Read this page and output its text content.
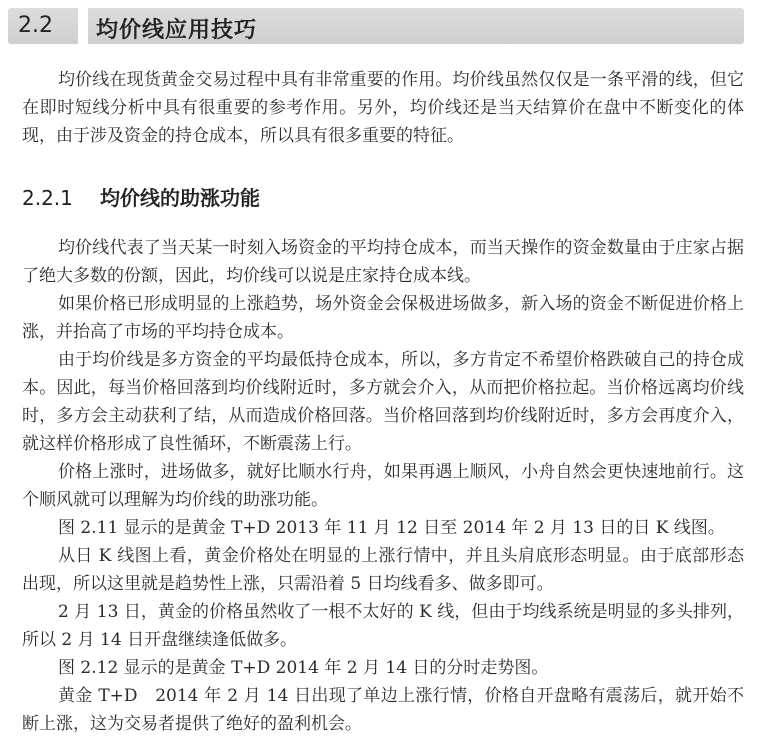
2.2 均价线应用技巧

均价线在现货黄金交易过程中具有非常重要的作用。均价线虽然仅仅是一条平滑的线，但它在即时短线分析中具有很重要的参考作用。另外，均价线还是当天结算价在盘中不断变化的体现，由于涉及资金的持仓成本，所以具有很多重要的特征。

2.2.1 均价线的助涨功能

均价线代表了当天某一时刻入场资金的平均持仓成本，而当天操作的资金数量由于庄家占据了绝大多数的份额，因此，均价线可以说是庄家持仓成本线。

如果价格已形成明显的上涨趋势，场外资金会保极进场做多，新入场的资金不断促进价格上涨，并抬高了市场的平均持仓成本。

由于均价线是多方资金的平均最低持仓成本，所以，多方肯定不希望价格跌破自己的持仓成本。因此，每当价格回落到均价线附近时，多方就会介入，从而把价格拉起。当价格远离均价线时，多方会主动获利了结，从而造成价格回落。当价格回落到均价线附近时，多方会再度介入，就这样价格形成了良性循环，不断震荡上行。

价格上涨时，进场做多，就好比顺水行舟，如果再遇上顺风，小舟自然会更快速地前行。这个顺风就可以理解为均价线的助涨功能。

图 2.11 显示的是黄金 T+D 2013 年 11 月 12 日至 2014 年 2 月 13 日的日 K 线图。

从日 K 线图上看，黄金价格处在明显的上涨行情中，并且头肩底形态明显。由于底部形态出现，所以这里就是趋势性上涨，只需沿着 5 日均线看多、做多即可。

2 月 13 日，黄金的价格虽然收了一根不太好的 K 线，但由于均线系统是明显的多头排列，所以 2 月 14 日开盘继续逢低做多。

图 2.12 显示的是黄金 T+D 2014 年 2 月 14 日的分时走势图。

黄金 T+D　2014 年 2 月 14 日出现了单边上涨行情，价格自开盘略有震荡后，就开始不断上涨，这为交易者提供了绝好的盈利机会。
